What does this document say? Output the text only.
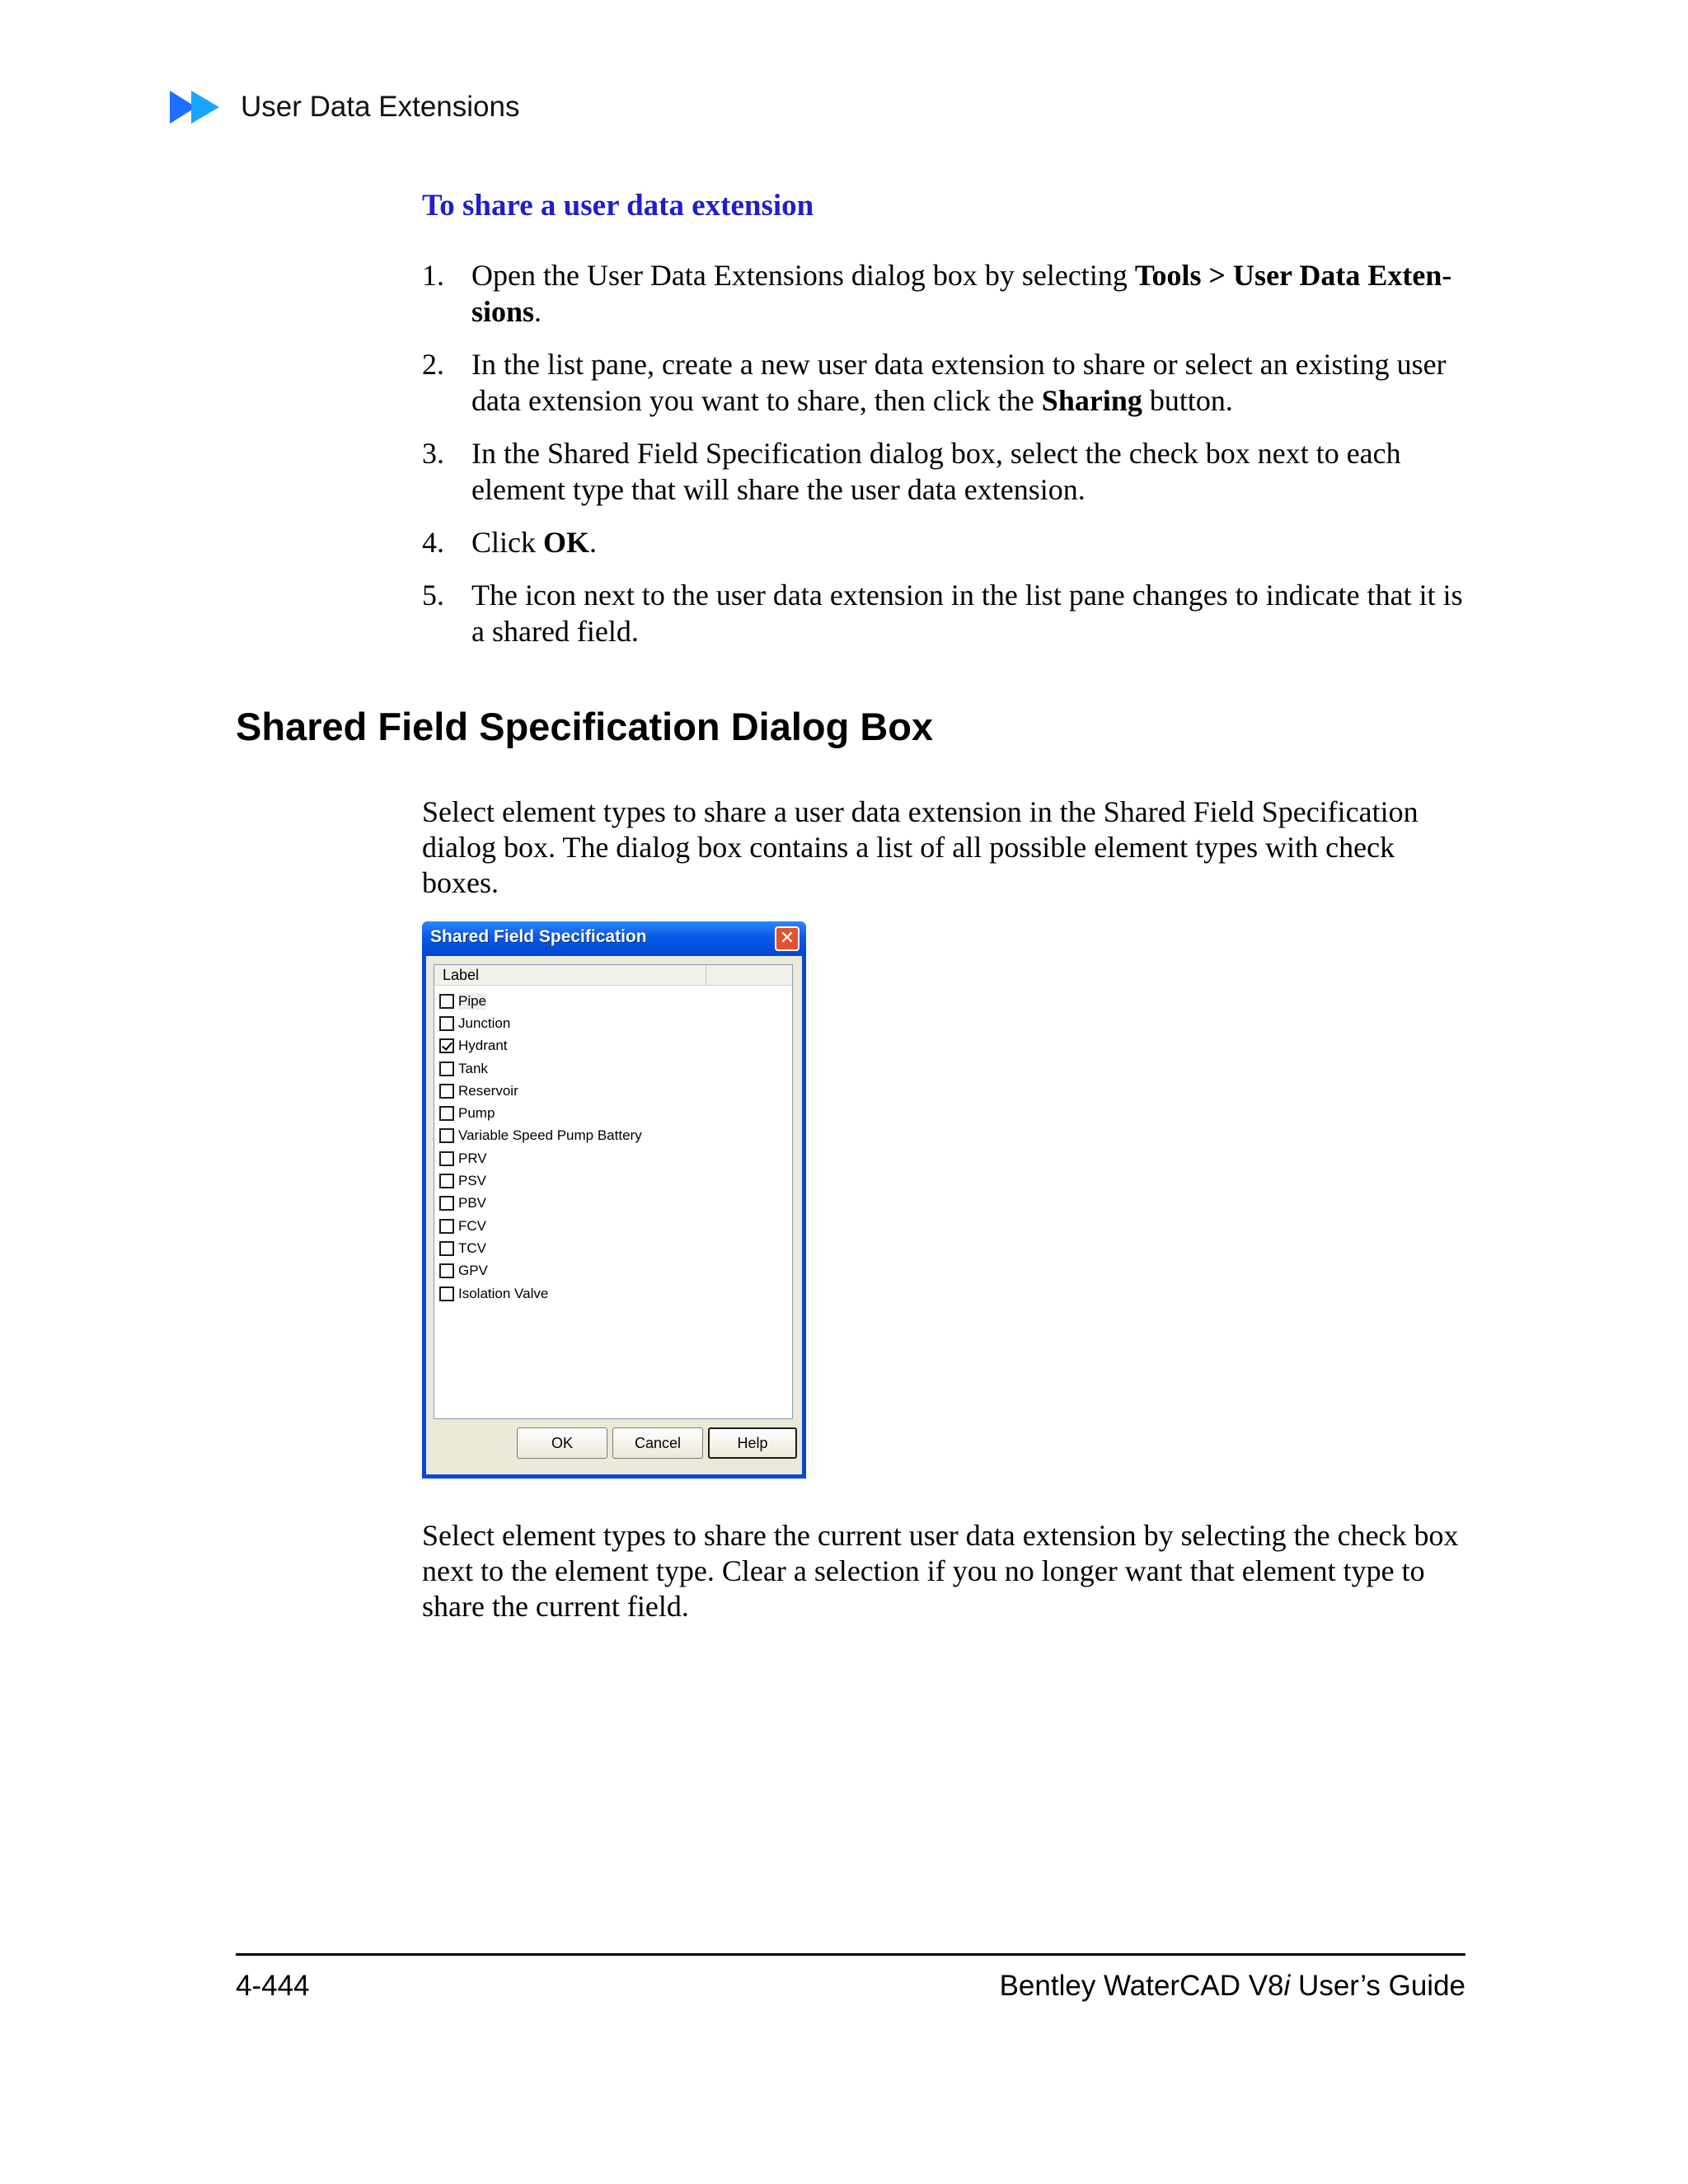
User Data Extensions
To share a user data extension
1. Open the User Data Extensions dialog box by selecting Tools > User Data Exten-sions.
2. In the list pane, create a new user data extension to share or select an existing user data extension you want to share, then click the Sharing button.
3. In the Shared Field Specification dialog box, select the check box next to each element type that will share the user data extension.
4. Click OK.
5. The icon next to the user data extension in the list pane changes to indicate that it is a shared field.
Shared Field Specification Dialog Box
Select element types to share a user data extension in the Shared Field Specification dialog box. The dialog box contains a list of all possible element types with check boxes.
Shared Field Specification	✕
Label
Pipe
Junction
Hydrant
Tank
Reservoir
Pump
Variable Speed Pump Battery
PRV
PSV
PBV
FCV
TCV
GPV
Isolation Valve
OK	Cancel	Help
Select element types to share the current user data extension by selecting the check box next to the element type. Clear a selection if you no longer want that element type to share the current field.
4-444	Bentley WaterCAD V8i User’s Guide
